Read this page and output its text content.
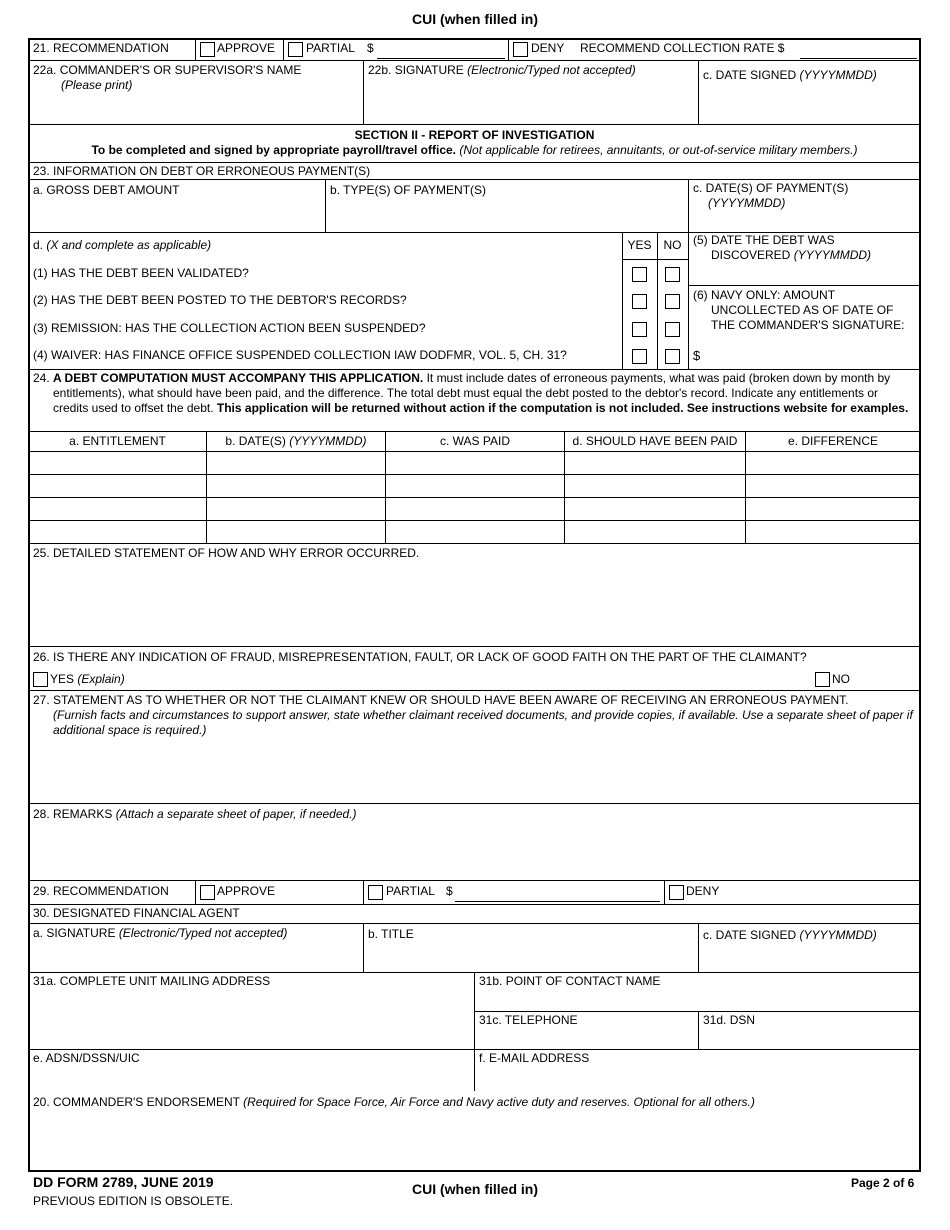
CUI (when filled in)
21. RECOMMENDATION	APPROVE	PARTIAL $	DENY RECOMMEND COLLECTION RATE $
22a. COMMANDER'S OR SUPERVISOR'S NAME
(Please print)
22b. SIGNATURE (Electronic/Typed not accepted)	c. DATE SIGNED (YYYYMMDD)
SECTION II - REPORT OF INVESTIGATION
To be completed and signed by appropriate payroll/travel office. (Not applicable for retirees, annuitants, or out-of-service military members.)
23. INFORMATION ON DEBT OR ERRONEOUS PAYMENT(S)
a. GROSS DEBT AMOUNT	b. TYPE(S) OF PAYMENT(S)	c. DATE(S) OF PAYMENT(S)
(YYYYMMDD)
d. (X and complete as applicable)	YES	NO
(1) HAS THE DEBT BEEN VALIDATED?
(2) HAS THE DEBT BEEN POSTED TO THE DEBTOR'S RECORDS?
(3) REMISSION: HAS THE COLLECTION ACTION BEEN SUSPENDED?
(4) WAIVER: HAS FINANCE OFFICE SUSPENDED COLLECTION IAW DODFMR, VOL. 5, CH. 31?
(5) DATE THE DEBT WAS
DISCOVERED (YYYYMMDD)
(6) NAVY ONLY: AMOUNT
UNCOLLECTED AS OF DATE OF
THE COMMANDER'S SIGNATURE:
$
24. A DEBT COMPUTATION MUST ACCOMPANY THIS APPLICATION. It must include dates of erroneous payments, what was paid (broken down by month by entitlements), what should have been paid, and the difference. The total debt must equal the debt posted to the debtor's record. Indicate any entitlements or credits used to offset the debt. This application will be returned without action if the computation is not included. See instructions website for examples.
a. ENTITLEMENT	b. DATE(S) (YYYYMMDD)	c. WAS PAID	d. SHOULD HAVE BEEN PAID	e. DIFFERENCE
25. DETAILED STATEMENT OF HOW AND WHY ERROR OCCURRED.
26. IS THERE ANY INDICATION OF FRAUD, MISREPRESENTATION, FAULT, OR LACK OF GOOD FAITH ON THE PART OF THE CLAIMANT?
YES (Explain)	NO
27. STATEMENT AS TO WHETHER OR NOT THE CLAIMANT KNEW OR SHOULD HAVE BEEN AWARE OF RECEIVING AN ERRONEOUS PAYMENT.
(Furnish facts and circumstances to support answer, state whether claimant received documents, and provide copies, if available. Use a separate sheet of paper if additional space is required.)
28. REMARKS (Attach a separate sheet of paper, if needed.)
29. RECOMMENDATION	APPROVE	PARTIAL $	DENY
30. DESIGNATED FINANCIAL AGENT
a. SIGNATURE (Electronic/Typed not accepted)	b. TITLE	c. DATE SIGNED (YYYYMMDD)
31a. COMPLETE UNIT MAILING ADDRESS	31b. POINT OF CONTACT NAME
31c. TELEPHONE	31d. DSN
e. ADSN/DSSN/UIC	f. E-MAIL ADDRESS
20. COMMANDER'S ENDORSEMENT (Required for Space Force, Air Force and Navy active duty and reserves. Optional for all others.)
DD FORM 2789, JUNE 2019
PREVIOUS EDITION IS OBSOLETE.
CUI (when filled in)	Page 2 of 6
